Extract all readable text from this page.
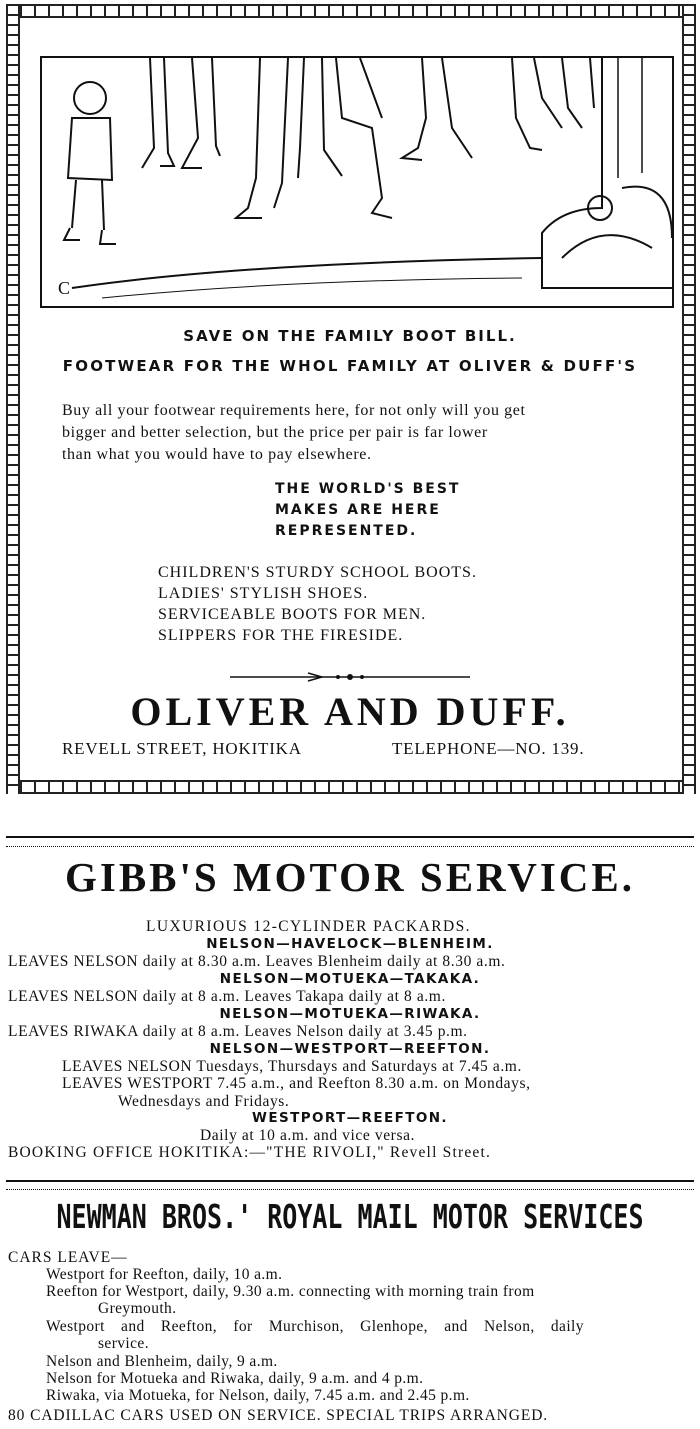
C
SAVE ON THE FAMILY BOOT BILL.
FOOTWEAR FOR THE WHOL FAMILY AT OLIVER & DUFF'S
Buy all your footwear requirements here, for not only will you get
bigger and better selection, but the price per pair is far lower
than what you would have to pay elsewhere.
THE WORLD'S BEST
MAKES ARE HERE
REPRESENTED.
CHILDREN'S STURDY SCHOOL BOOTS.
LADIES' STYLISH SHOES.
SERVICEABLE BOOTS FOR MEN.
SLIPPERS FOR THE FIRESIDE.
OLIVER AND DUFF.
REVELL STREET, HOKITIKA	TELEPHONE—NO. 139.
GIBB'S MOTOR SERVICE.
LUXURIOUS 12-CYLINDER PACKARDS.
NELSON—HAVELOCK—BLENHEIM.
LEAVES NELSON daily at 8.30 a.m. Leaves Blenheim daily at 8.30 a.m.
NELSON—MOTUEKA—TAKAKA.
LEAVES NELSON daily at 8 a.m. Leaves Takapa daily at 8 a.m.
NELSON—MOTUEKA—RIWAKA.
LEAVES RIWAKA daily at 8 a.m. Leaves Nelson daily at 3.45 p.m.
NELSON—WESTPORT—REEFTON.
LEAVES NELSON Tuesdays, Thursdays and Saturdays at 7.45 a.m.
LEAVES WESTPORT 7.45 a.m., and Reefton 8.30 a.m. on Mondays,
Wednesdays and Fridays.
WESTPORT—REEFTON.
Daily at 10 a.m. and vice versa.
BOOKING OFFICE HOKITIKA:—"THE RIVOLI," Revell Street.
NEWMAN BROS.' ROYAL MAIL MOTOR SERVICES
CARS LEAVE—
Westport for Reefton, daily, 10 a.m.
Reefton for Westport, daily, 9.30 a.m. connecting with morning train from
Greymouth.
Westport and Reefton, for Murchison, Glenhope, and Nelson, daily
service.
Nelson and Blenheim, daily, 9 a.m.
Nelson for Motueka and Riwaka, daily, 9 a.m. and 4 p.m.
Riwaka, via Motueka, for Nelson, daily, 7.45 a.m. and 2.45 p.m.
80 CADILLAC CARS USED ON SERVICE. SPECIAL TRIPS ARRANGED.
